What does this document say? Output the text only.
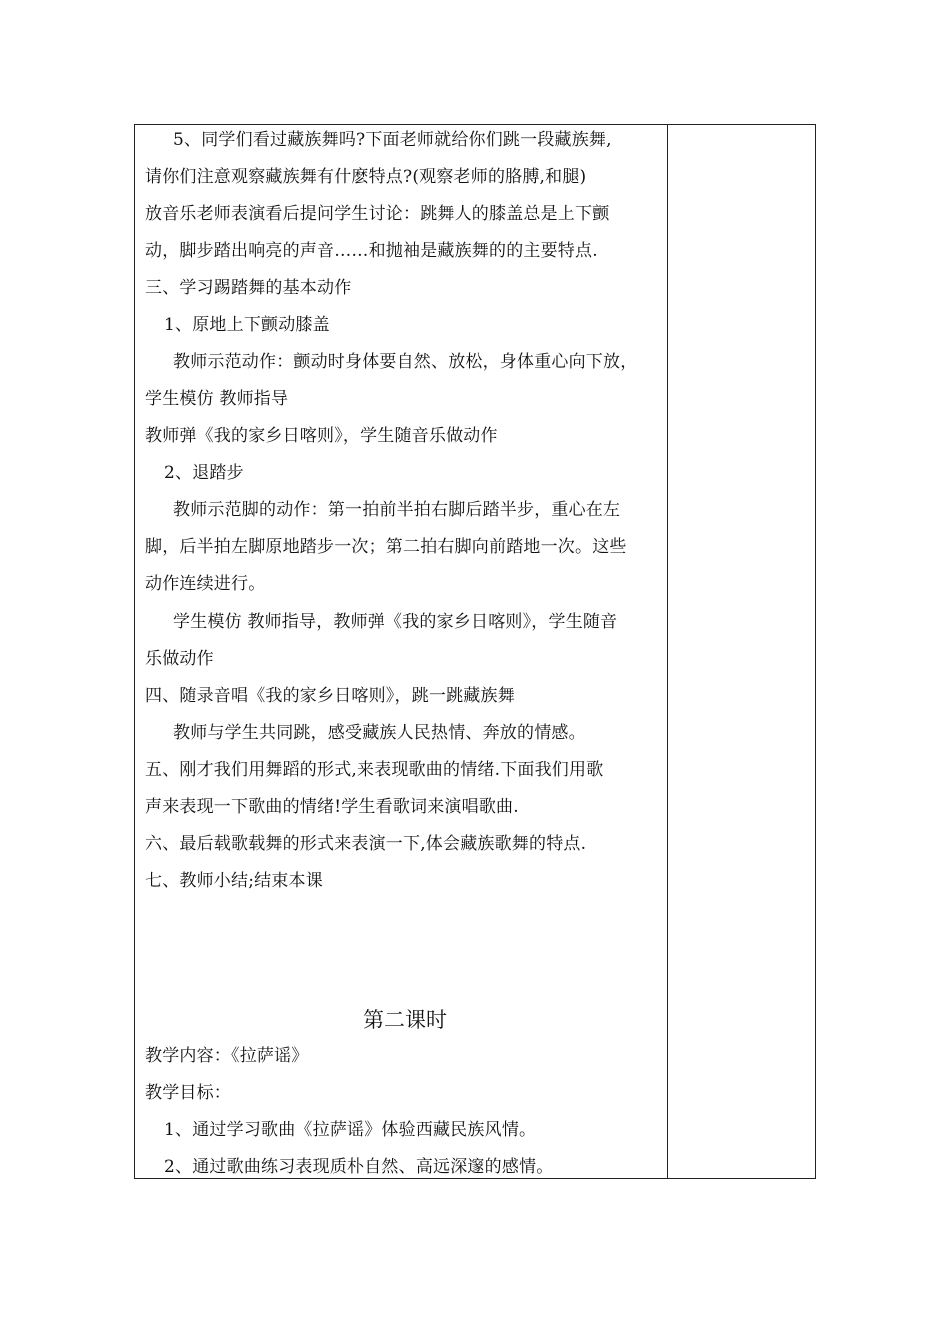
5、同学们看过藏族舞吗?下面老师就给你们跳一段藏族舞,
请你们注意观察藏族舞有什麽特点?(观察老师的胳膊,和腿)
放音乐老师表演看后提问学生讨论：跳舞人的膝盖总是上下颤
动，脚步踏出响亮的声音……和抛袖是藏族舞的的主要特点.
三、学习踢踏舞的基本动作
1、原地上下颤动膝盖
教师示范动作：颤动时身体要自然、放松，身体重心向下放，
学生模仿 教师指导
教师弹《我的家乡日喀则》，学生随音乐做动作
2、退踏步
教师示范脚的动作：第一拍前半拍右脚后踏半步，重心在左
脚，后半拍左脚原地踏步一次；第二拍右脚向前踏地一次。这些
动作连续进行。
学生模仿 教师指导，教师弹《我的家乡日喀则》，学生随音
乐做动作
四、随录音唱《我的家乡日喀则》，跳一跳藏族舞
教师与学生共同跳，感受藏族人民热情、奔放的情感。
五、刚才我们用舞蹈的形式,来表现歌曲的情绪.下面我们用歌
声来表现一下歌曲的情绪!学生看歌词来演唱歌曲.
六、最后载歌载舞的形式来表演一下,体会藏族歌舞的特点.
七、教师小结;结束本课
第二课时
教学内容：《拉萨谣》
教学目标：
1、通过学习歌曲《拉萨谣》体验西藏民族风情。
2、通过歌曲练习表现质朴自然、高远深邃的感情。
